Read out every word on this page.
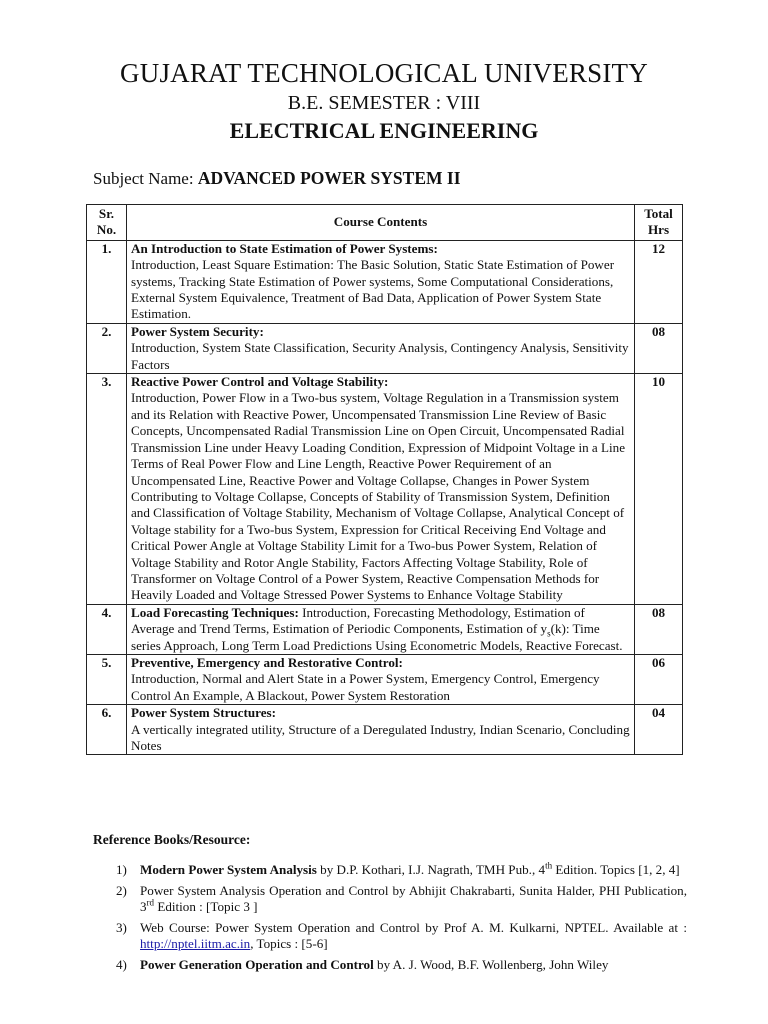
GUJARAT TECHNOLOGICAL UNIVERSITY
B.E. SEMESTER : VIII
ELECTRICAL ENGINEERING
Subject Name: ADVANCED POWER SYSTEM II
Sr. No.	Course Contents	Total Hrs
1.	An Introduction to State Estimation of Power Systems:
Introduction, Least Square Estimation: The Basic Solution, Static State Estimation of Power systems, Tracking State Estimation of Power systems, Some Computational Considerations, External System Equivalence, Treatment of Bad Data, Application of Power System State Estimation.	12
2.	Power System Security:
Introduction, System State Classification, Security Analysis, Contingency Analysis, Sensitivity Factors	08
3.	Reactive Power Control and Voltage Stability:
Introduction, Power Flow in a Two-bus system, Voltage Regulation in a Transmission system and its Relation with Reactive Power, Uncompensated Transmission Line Review of Basic Concepts, Uncompensated Radial Transmission Line on Open Circuit, Uncompensated Radial Transmission Line under Heavy Loading Condition, Expression of Midpoint Voltage in a Line Terms of Real Power Flow and Line Length, Reactive Power Requirement of an Uncompensated Line, Reactive Power and Voltage Collapse, Changes in Power System Contributing to Voltage Collapse, Concepts of Stability of Transmission System, Definition and Classification of Voltage Stability, Mechanism of Voltage Collapse, Analytical Concept of Voltage stability for a Two-bus System, Expression for Critical Receiving End Voltage and Critical Power Angle at Voltage Stability Limit for a Two-bus Power System, Relation of Voltage Stability and Rotor Angle Stability, Factors Affecting Voltage Stability, Role of Transformer on Voltage Control of a Power System, Reactive Compensation Methods for Heavily Loaded and Voltage Stressed Power Systems to Enhance Voltage Stability	10
4.	Load Forecasting Techniques: Introduction, Forecasting Methodology, Estimation of Average and Trend Terms, Estimation of Periodic Components, Estimation of $y_s(k)$: Time series Approach, Long Term Load Predictions Using Econometric Models, Reactive Forecast.	08
5.	Preventive, Emergency and Restorative Control:
Introduction, Normal and Alert State in a Power System, Emergency Control, Emergency Control An Example, A Blackout, Power System Restoration	06
6.	Power System Structures:
A vertically integrated utility, Structure of a Deregulated Industry, Indian Scenario, Concluding Notes	04
Reference Books/Resource:
1) Modern Power System Analysis by D.P. Kothari, I.J. Nagrath, TMH Pub., 4th Edition. Topics [1, 2, 4]
2) Power System Analysis Operation and Control by Abhijit Chakrabarti, Sunita Halder, PHI Publication, 3rd Edition : [Topic 3 ]
3) Web Course: Power System Operation and Control by Prof A. M. Kulkarni, NPTEL. Available at : http://nptel.iitm.ac.in, Topics : [5-6]
4) Power Generation Operation and Control by A. J. Wood, B.F. Wollenberg, John Wiley
